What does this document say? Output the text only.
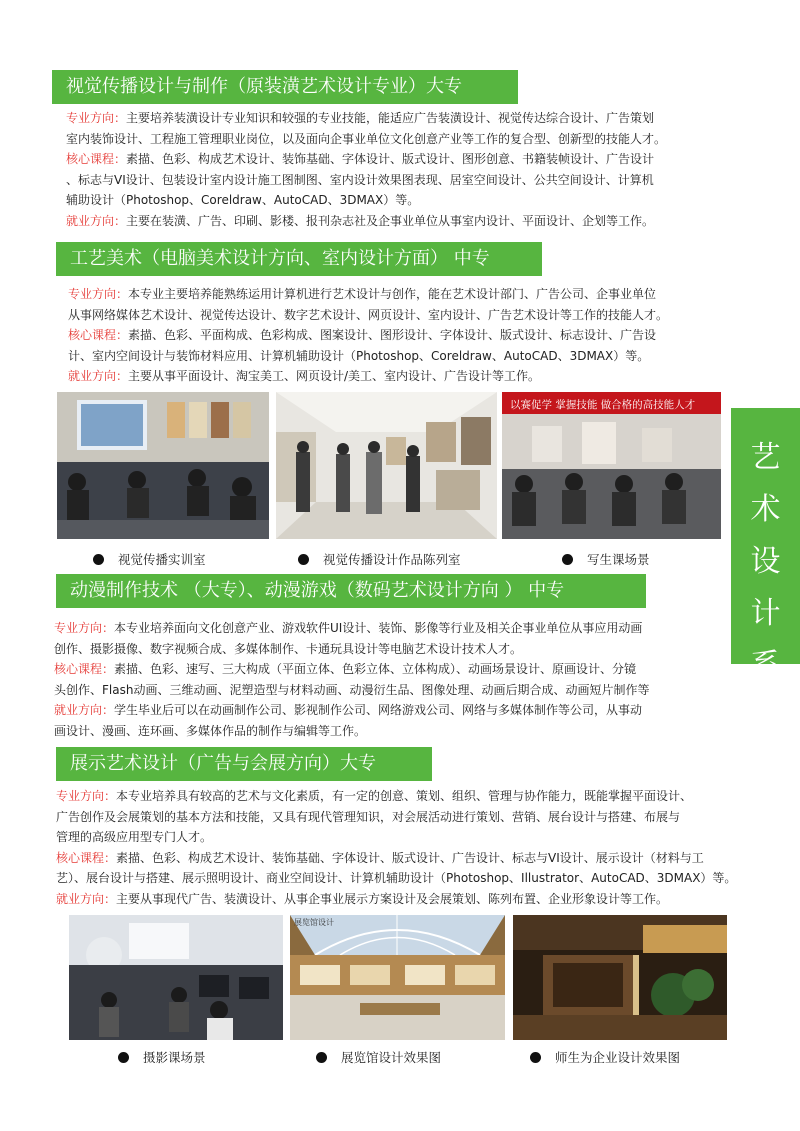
视觉传播设计与制作（原装潢艺术设计专业）大专
专业方向：主要培养装潢设计专业知识和较强的专业技能，能适应广告装潢设计、视觉传达综合设计、广告策划
室内装饰设计、工程施工管理职业岗位，以及面向企事业单位文化创意产业等工作的复合型、创新型的技能人才。
核心课程：素描、色彩、构成艺术设计、装饰基础、字体设计、版式设计、图形创意、书籍装帧设计、广告设计
、标志与VI设计、包装设计室内设计施工图制图、室内设计效果图表现、居室空间设计、公共空间设计、计算机
辅助设计（Photoshop、Coreldraw、AutoCAD、3DMAX）等。
就业方向：主要在装潢、广告、印刷、影楼、报刊杂志社及企事业单位从事室内设计、平面设计、企划等工作。
工艺美术（电脑美术设计方向、室内设计方面） 中专
专业方向：本专业主要培养能熟练运用计算机进行艺术设计与创作，能在艺术设计部门、广告公司、企事业单位
从事网络媒体艺术设计、视觉传达设计、数字艺术设计、网页设计、室内设计、广告艺术设计等工作的技能人才。
核心课程：素描、色彩、平面构成、色彩构成、图案设计、图形设计、字体设计、版式设计、标志设计、广告设
计、室内空间设计与装饰材料应用、计算机辅助设计（Photoshop、Coreldraw、AutoCAD、3DMAX）等。
就业方向：主要从事平面设计、淘宝美工、网页设计/美工、室内设计、广告设计等工作。
以赛促学 掌握技能 做合格的高技能人才
视觉传播实训室	视觉传播设计作品陈列室	写生课场景
动漫制作技术 （大专）、动漫游戏（数码艺术设计方向 ） 中专
专业方向：本专业培养面向文化创意产业、游戏软件UI设计、装饰、影像等行业及相关企事业单位从事应用动画
创作、摄影摄像、数字视频合成、多媒体制作、卡通玩具设计等电脑艺术设计技术人才。
核心课程：素描、色彩、速写、三大构成（平面立体、色彩立体、立体构成）、动画场景设计、原画设计、分镜
头创作、Flash动画、三维动画、泥塑造型与材料动画、动漫衍生品、图像处理、动画后期合成、动画短片制作等
就业方向：学生毕业后可以在动画制作公司、影视制作公司、网络游戏公司、网络与多媒体制作等公司，从事动
画设计、漫画、连环画、多媒体作品的制作与编辑等工作。
展示艺术设计（广告与会展方向）大专
专业方向：本专业培养具有较高的艺术与文化素质，有一定的创意、策划、组织、管理与协作能力，既能掌握平面设计、
广告创作及会展策划的基本方法和技能，又具有现代管理知识，对会展活动进行策划、营销、展台设计与搭建、布展与
管理的高级应用型专门人才。
核心课程：素描、色彩、构成艺术设计、装饰基础、字体设计、版式设计、广告设计、标志与VI设计、展示设计（材料与工
艺）、展台设计与搭建、展示照明设计、商业空间设计、计算机辅助设计（Photoshop、Illustrator、AutoCAD、3DMAX）等。
就业方向：主要从事现代广告、装潢设计、从事企事业展示方案设计及会展策划、陈列布置、企业形象设计等工作。
展览馆设计
摄影课场景	展览馆设计效果图	师生为企业设计效果图
艺
术
设
计
系
